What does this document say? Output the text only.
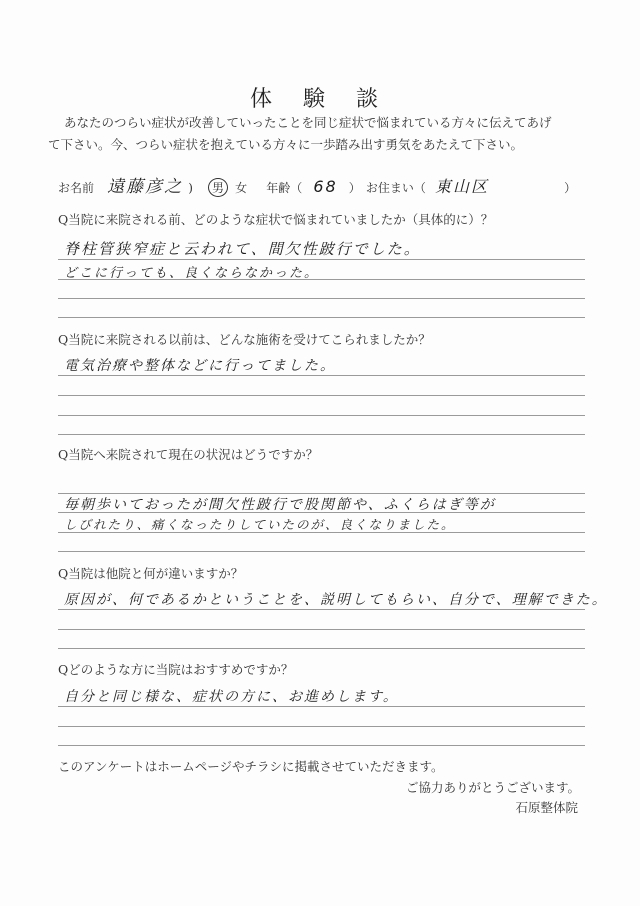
体 験 談
あなたのつらい症状が改善していったことを同じ症状で悩まれている方々に伝えてあげ
て下さい。今、つらい症状を抱えている方々に一歩踏み出す勇気をあたえて下さい。
お名前 遠藤彦之 ) 男 女 年齢（ 68 ） お住まい（ 東山区	）
Q当院に来院される前、どのような症状で悩まれていましたか（具体的に）？
脊柱管狭窄症と云われて、間欠性跛行でした。
どこに行っても、良くならなかった。
Q当院に来院される以前は、どんな施術を受けてこられましたか？
電気治療や整体などに行ってました。
Q当院へ来院されて現在の状況はどうですか？
毎朝歩いておったが間欠性跛行で股関節や、ふくらはぎ等が
しびれたり、痛くなったりしていたのが、良くなりました。
Q当院は他院と何が違いますか？
原因が、何であるかということを、説明してもらい、自分で、理解できた。
Qどのような方に当院はおすすめですか？
自分と同じ様な、症状の方に、お進めします。
このアンケートはホームページやチラシに掲載させていただきます。
ご協力ありがとうございます。
石原整体院
